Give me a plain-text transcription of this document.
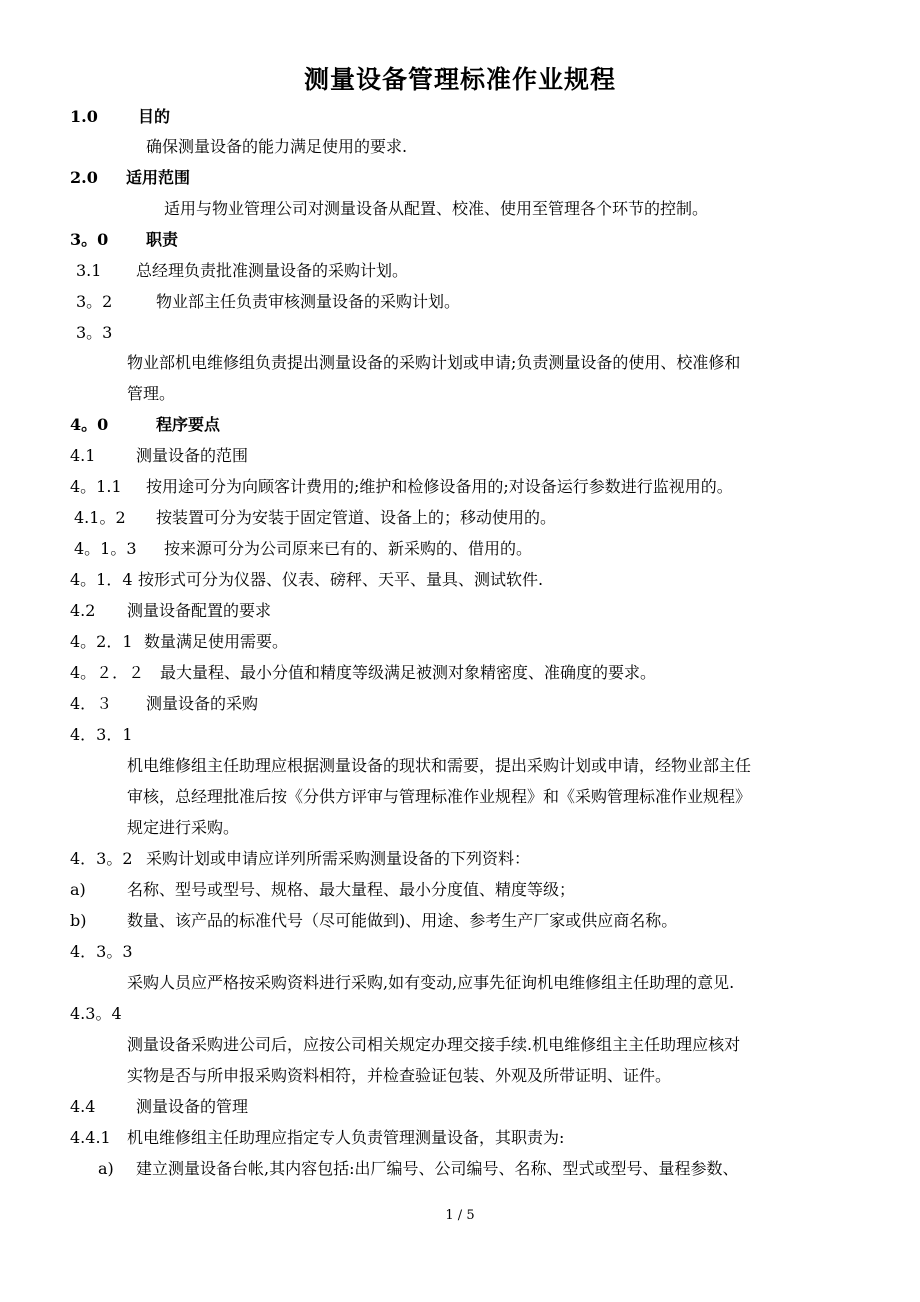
测量设备管理标准作业规程
1.0	目的
确保测量设备的能力满足使用的要求.
2.0 适用范围
适用与物业管理公司对测量设备从配置、校准、使用至管理各个环节的控制。
3。0 职责
3.1 总经理负责批准测量设备的采购计划。
3。2	物业部主任负责审核测量设备的采购计划。
3。3
物业部机电维修组负责提出测量设备的采购计划或申请;负责测量设备的使用、校准修和
管理。
4。0	程序要点
4.1	测量设备的范围
4。1.1 按用途可分为向顾客计费用的;维护和检修设备用的;对设备运行参数进行监视用的。
4.1。2 按装置可分为安装于固定管道、设备上的；移动使用的。
4。1。3 按来源可分为公司原来已有的、新采购的、借用的。
4。1．4 按形式可分为仪器、仪表、磅秤、天平、量具、测试软件.
4.2 测量设备配置的要求
4。2．1 数量满足使用需要。
4。２．２ 最大量程、最小分值和精度等级满足被测对象精密度、准确度的要求。
4．３ 测量设备的采购
4．3．1
机电维修组主任助理应根据测量设备的现状和需要，提出采购计划或申请，经物业部主任
审核，总经理批准后按《分供方评审与管理标准作业规程》和《采购管理标准作业规程》
规定进行采购。
4．3。2 采购计划或申请应详列所需采购测量设备的下列资料：
a)	名称、型号或型号、规格、最大量程、最小分度值、精度等级；
b)	数量、该产品的标准代号（尽可能做到)、用途、参考生产厂家或供应商名称。
4．3。3
采购人员应严格按采购资料进行采购,如有变动,应事先征询机电维修组主任助理的意见.
4.3。4
测量设备采购进公司后，应按公司相关规定办理交接手续.机电维修组主主任助理应核对
实物是否与所申报采购资料相符，并检查验证包装、外观及所带证明、证件。
4.4	测量设备的管理
4.4.1 机电维修组主任助理应指定专人负责管理测量设备，其职责为:
a) 建立测量设备台帐,其内容包括:出厂编号、公司编号、名称、型式或型号、量程参数、
1 / 5
